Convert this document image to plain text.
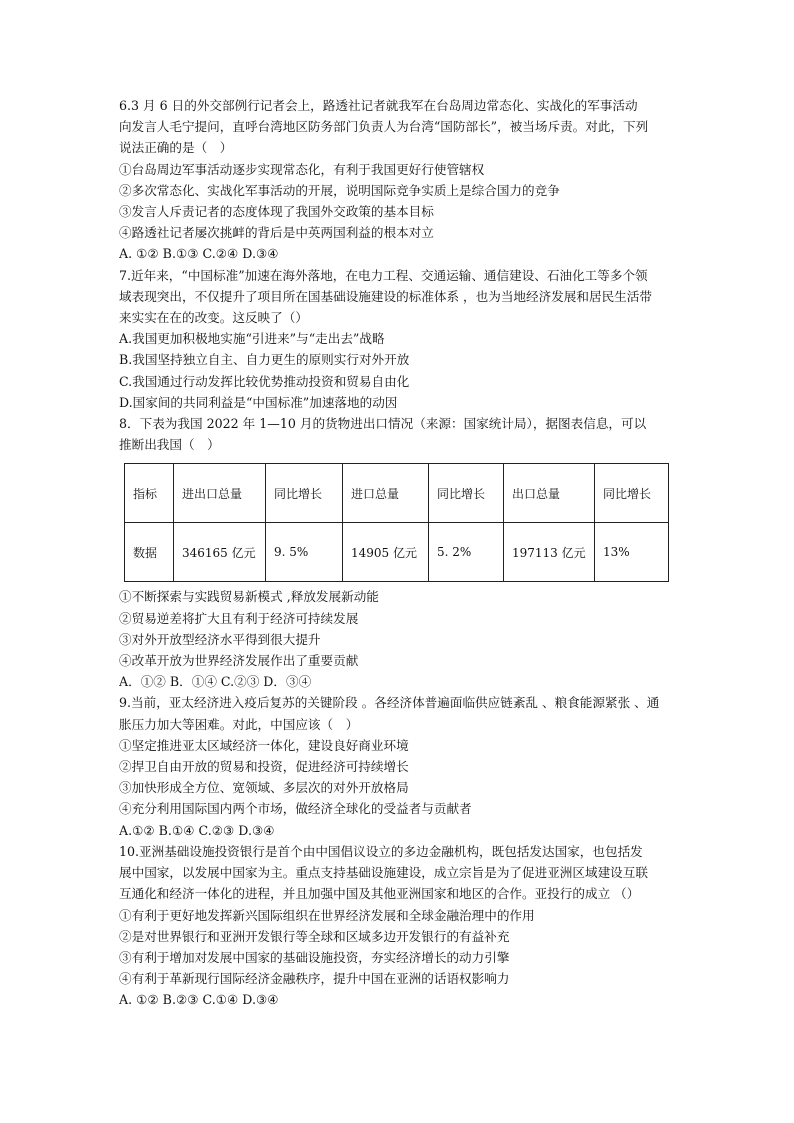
6.3 月 6 日的外交部例行记者会上，路透社记者就我军在台岛周边常态化、实战化的军事活动
向发言人毛宁提问，直呼台湾地区防务部门负责人为台湾“国防部长”，被当场斥责。对此，下列
说法正确的是（　）
①台岛周边军事活动逐步实现常态化，有利于我国更好行使管辖权
②多次常态化、实战化军事活动的开展，说明国际竞争实质上是综合国力的竞争
③发言人斥责记者的态度体现了我国外交政策的基本目标
④路透社记者屡次挑衅的背后是中英两国利益的根本对立
A. ①② B.①③ C.②④ D.③④
7.近年来，“中国标准”加速在海外落地，在电力工程、交通运输、通信建设、石油化工等多个领
域表现突出，不仅提升了项目所在国基础设施建设的标准体系 ，也为当地经济发展和居民生活带
来实实在在的改变。这反映了（）
A.我国更加积极地实施“引进来”与“走出去”战略
B.我国坚持独立自主、自力更生的原则实行对外开放
C.我国通过行动发挥比较优势推动投资和贸易自由化
D.国家间的共同利益是“中国标准”加速落地的动因
8．下表为我国 2022 年 1—10 月的货物进出口情况（来源：国家统计局），据图表信息，可以
推断出我国（　）
指标	进出口总量	同比增长	进口总量	同比增长	出口总量	同比增长
数据	346165 亿元	9. 5%	14905 亿元	5. 2%	197113 亿元	13%
①不断探索与实践贸易新模式 ,释放发展新动能
②贸易逆差将扩大且有利于经济可持续发展
③对外开放型经济水平得到很大提升
④改革开放为世界经济发展作出了重要贡献
A．①② B．①④ C.②③ D．③④
9.当前，亚太经济进入疫后复苏的关键阶段 。各经济体普遍面临供应链紊乱 、粮食能源紧张 、通
胀压力加大等困难。对此，中国应该（　）
①坚定推进亚太区域经济一体化，建设良好商业环境
②捍卫自由开放的贸易和投资，促进经济可持续增长
③加快形成全方位、宽领域、多层次的对外开放格局
④充分利用国际国内两个市场，做经济全球化的受益者与贡献者
A.①② B.①④ C.②③ D.③④
10.亚洲基础设施投资银行是首个由中国倡议设立的多边金融机构，既包括发达国家，也包括发
展中国家，以发展中国家为主。重点支持基础设施建设，成立宗旨是为了促进亚洲区域建设互联
互通化和经济一体化的进程，并且加强中国及其他亚洲国家和地区的合作。亚投行的成立 （）
①有利于更好地发挥新兴国际组织在世界经济发展和全球金融治理中的作用
②是对世界银行和亚洲开发银行等全球和区域多边开发银行的有益补充
③有利于增加对发展中国家的基础设施投资，夯实经济增长的动力引擎
④有利于革新现行国际经济金融秩序，提升中国在亚洲的话语权影响力
A. ①② B.②③ C.①④ D.③④
